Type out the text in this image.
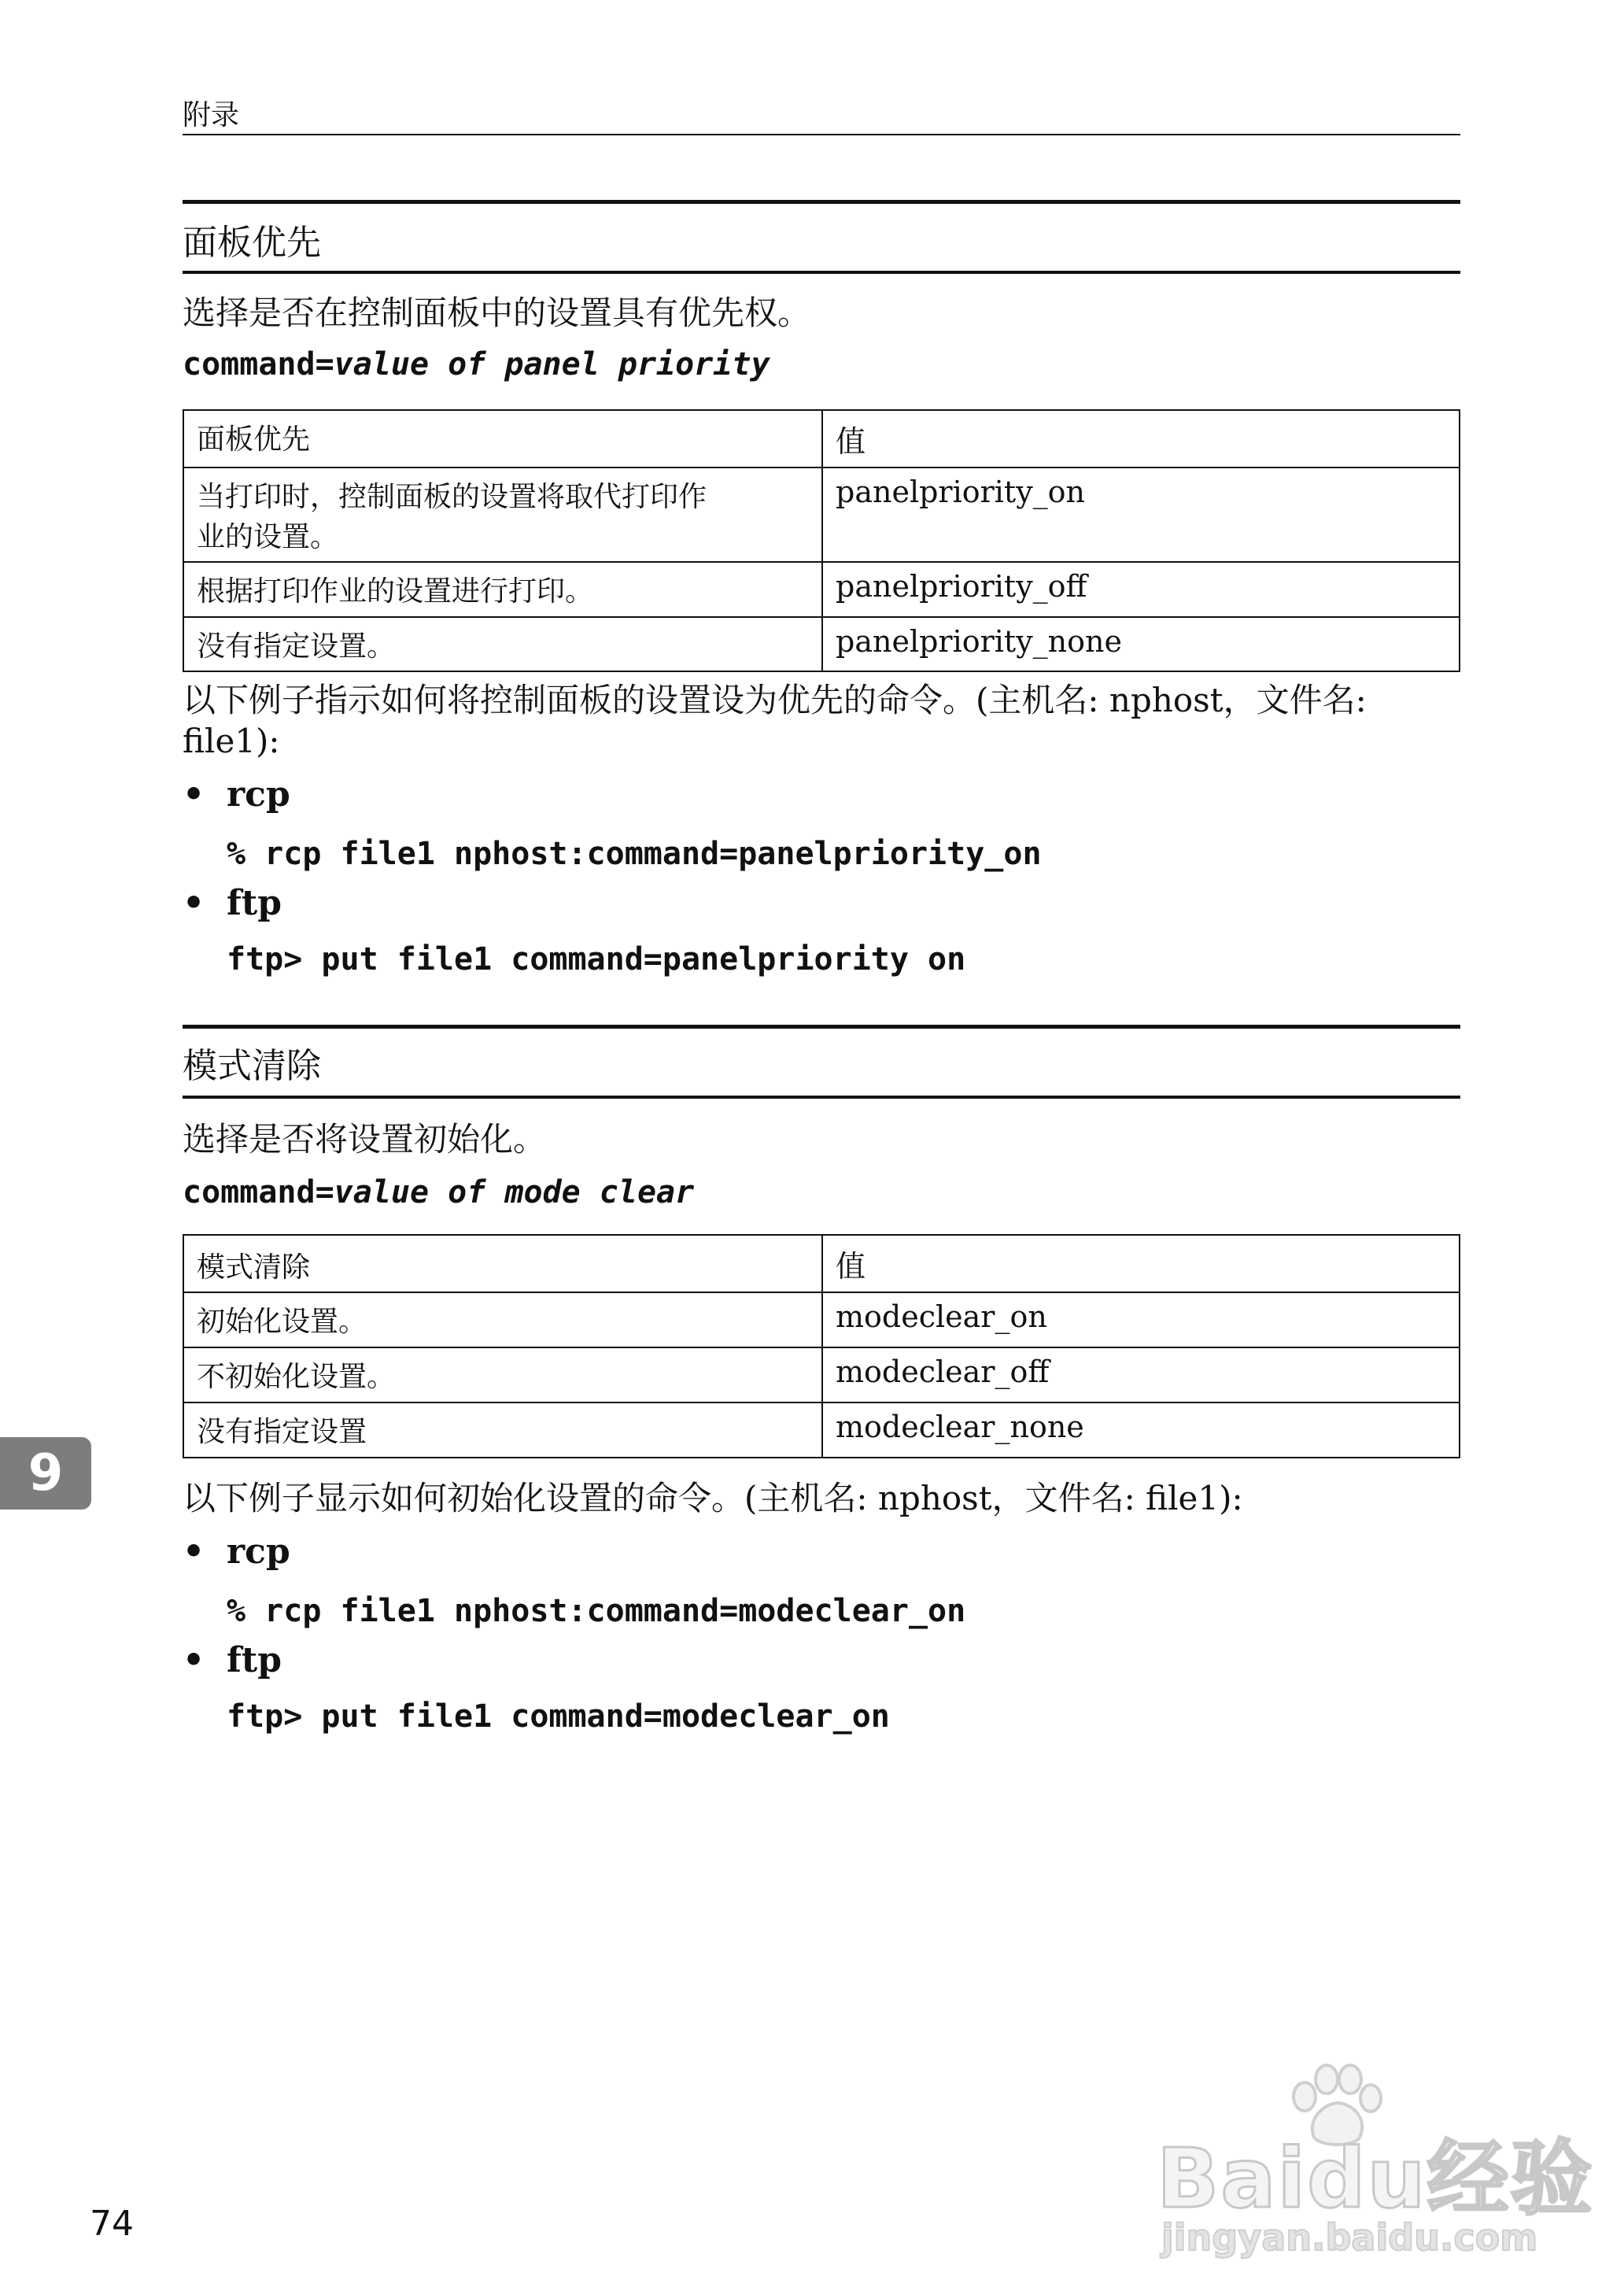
附录
面板优先
选择是否在控制面板中的设置具有优先权。
command=value of panel priority
面板优先	值
当打印时，控制面板的设置将取代打印作业的设置。	panelpriority_on
根据打印作业的设置进行打印。	panelpriority_off
没有指定设置。	panelpriority_none
以下例子指示如何将控制面板的设置设为优先的命令。(主机名: nphost，文件名: file1):
• rcp
% rcp file1 nphost:command=panelpriority_on
• ftp
ftp> put file1 command=panelpriority on
模式清除
选择是否将设置初始化。
command=value of mode clear
模式清除	值
初始化设置。	modeclear_on
不初始化设置。	modeclear_off
没有指定设置	modeclear_none
以下例子显示如何初始化设置的命令。(主机名: nphost，文件名: file1):
• rcp
% rcp file1 nphost:command=modeclear_on
• ftp
ftp> put file1 command=modeclear_on
9
74	Baidu经验
jingyan.baidu.com
